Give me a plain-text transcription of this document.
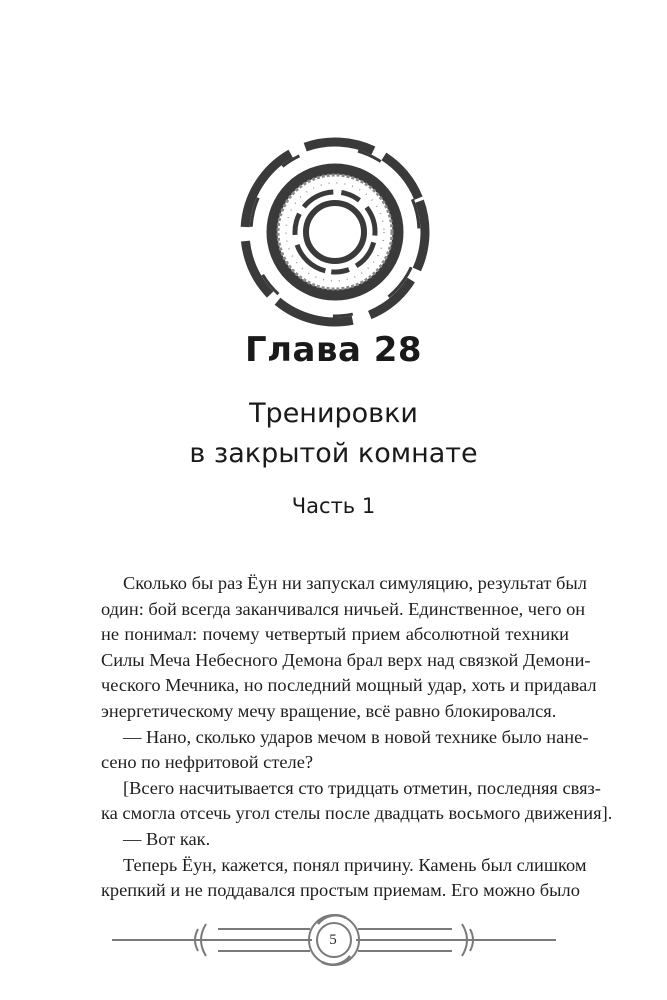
Глава 28
Тренировки
в закрытой комнате
Часть 1
Сколько бы раз Ёун ни запускал симуляцию, результат был
один: бой всегда заканчивался ничьей. Единственное, чего он
не понимал: почему четвертый прием абсолютной техники
Силы Меча Небесного Демона брал верх над связкой Демони-
ческого Мечника, но последний мощный удар, хоть и придавал
энергетическому мечу вращение, всё равно блокировался.
— Нано, сколько ударов мечом в новой технике было нане-
сено по нефритовой стеле?
[Всего насчитывается сто тридцать отметин, последняя связ-
ка смогла отсечь угол стелы после двадцать восьмого движения].
— Вот как.
Теперь Ёун, кажется, понял причину. Камень был слишком
крепкий и не поддавался простым приемам. Его можно было
5
